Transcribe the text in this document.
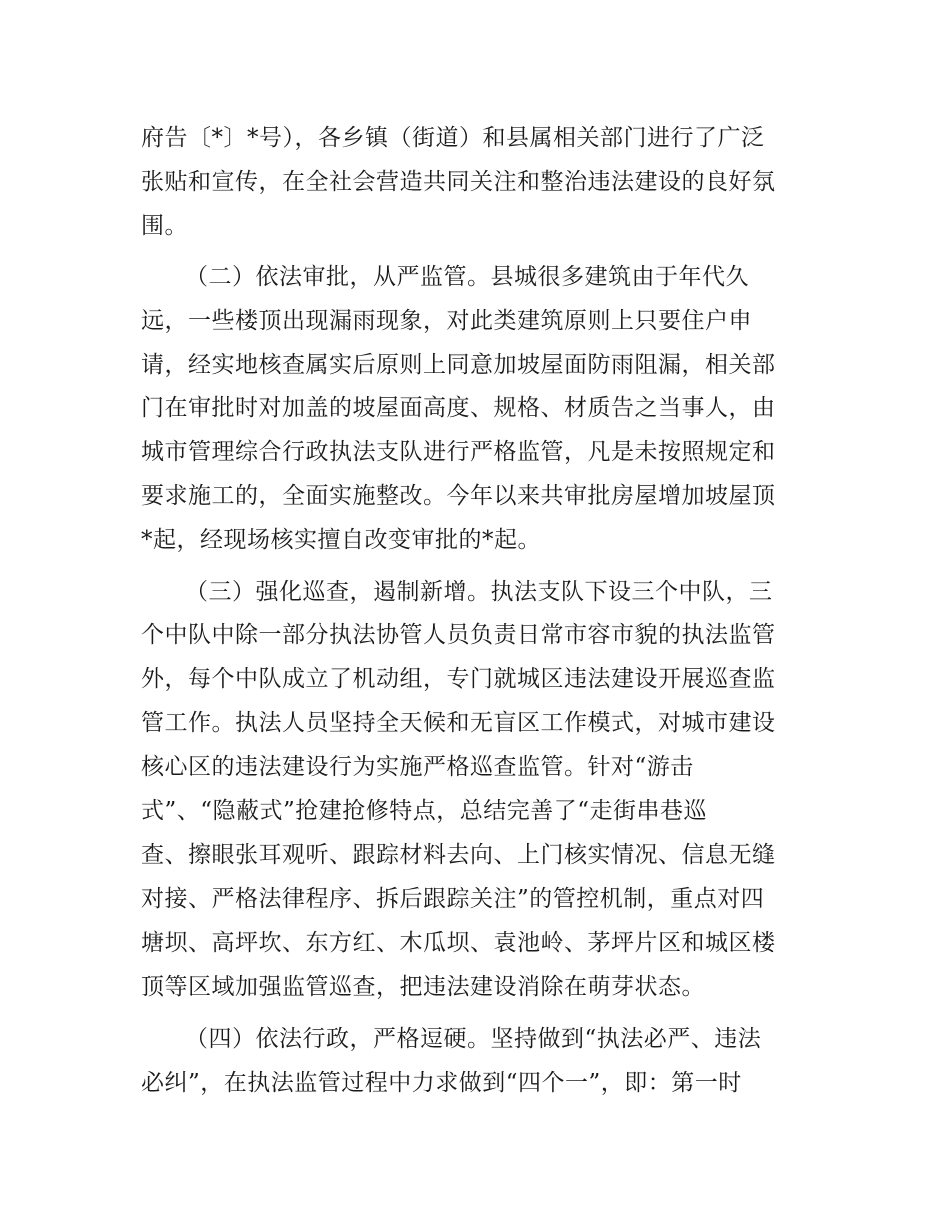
府告〔*〕*号），各乡镇（街道）和县属相关部门进行了广泛
张贴和宣传，在全社会营造共同关注和整治违法建设的良好氛
围。
（二）依法审批，从严监管。县城很多建筑由于年代久
远，一些楼顶出现漏雨现象，对此类建筑原则上只要住户申
请，经实地核查属实后原则上同意加坡屋面防雨阻漏，相关部
门在审批时对加盖的坡屋面高度、规格、材质告之当事人，由
城市管理综合行政执法支队进行严格监管，凡是未按照规定和
要求施工的，全面实施整改。今年以来共审批房屋增加坡屋顶
*起，经现场核实擅自改变审批的*起。
（三）强化巡查，遏制新增。执法支队下设三个中队，三
个中队中除一部分执法协管人员负责日常市容市貌的执法监管
外，每个中队成立了机动组，专门就城区违法建设开展巡查监
管工作。执法人员坚持全天候和无盲区工作模式，对城市建设
核心区的违法建设行为实施严格巡查监管。针对“游击
式”、“隐蔽式”抢建抢修特点，总结完善了“走街串巷巡
查、擦眼张耳观听、跟踪材料去向、上门核实情况、信息无缝
对接、严格法律程序、拆后跟踪关注”的管控机制，重点对四
塘坝、高坪坎、东方红、木瓜坝、袁池岭、茅坪片区和城区楼
顶等区域加强监管巡查，把违法建设消除在萌芽状态。
（四）依法行政，严格逗硬。坚持做到“执法必严、违法
必纠”，在执法监管过程中力求做到“四个一”，即：第一时
